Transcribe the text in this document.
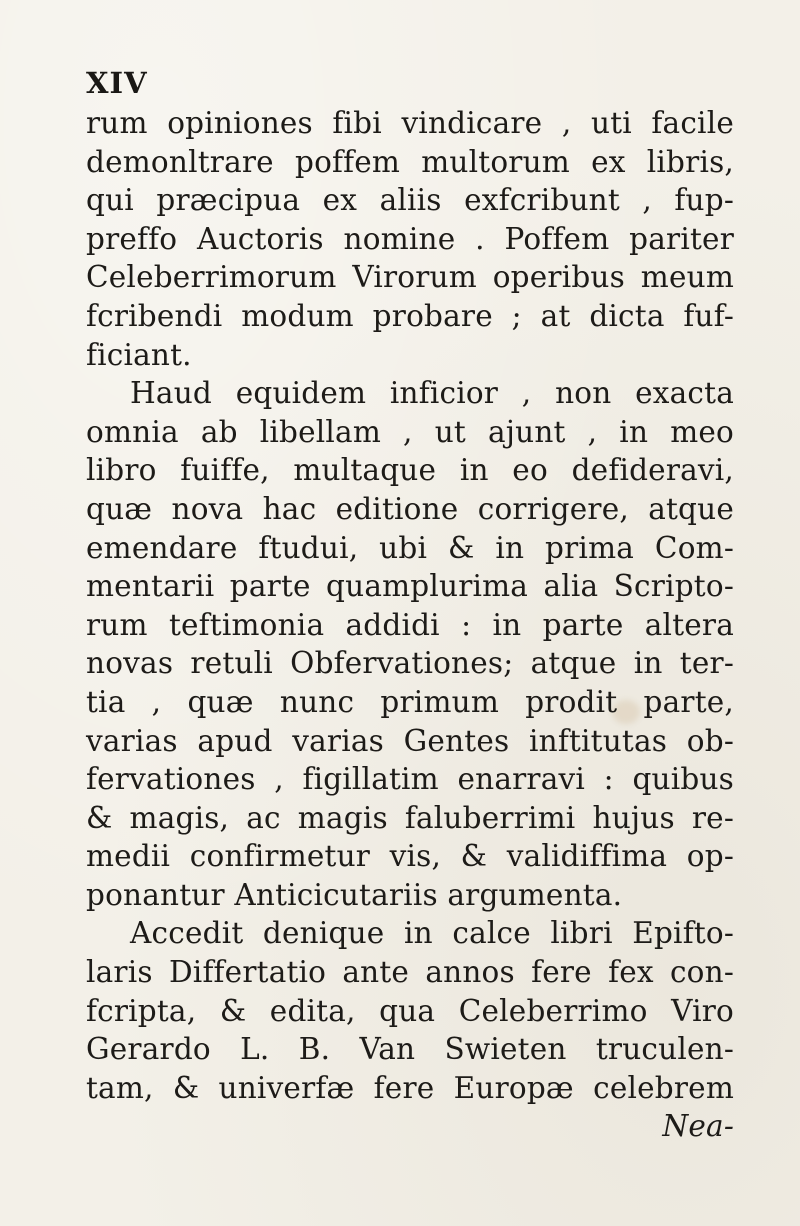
XIV
rum opiniones fibi vindicare , uti facile
demonltrare poffem multorum ex libris,
qui præcipua ex aliis exfcribunt , fup-
preffo Auctoris nomine . Poffem pariter
Celeberrimorum Virorum operibus meum
fcribendi modum probare ; at dicta fuf-
ficiant.
Haud equidem inficior , non exacta
omnia ab libellam , ut ajunt , in meo
libro fuiffe, multaque in eo defideravi,
quæ nova hac editione corrigere, atque
emendare ftudui, ubi & in prima Com-
mentarii parte quamplurima alia Scripto-
rum teftimonia addidi : in parte altera
novas retuli Obfervationes; atque in ter-
tia , quæ nunc primum prodit parte,
varias apud varias Gentes inftitutas ob-
fervationes , figillatim enarravi : quibus
& magis, ac magis faluberrimi hujus re-
medii confirmetur vis, & validiffima op-
ponantur Anticicutariis argumenta.
Accedit denique in calce libri Epifto-
laris Differtatio ante annos fere fex con-
fcripta, & edita, qua Celeberrimo Viro
Gerardo L. B. Van Swieten truculen-
tam, & univerfæ fere Europæ celebrem
Nea-
